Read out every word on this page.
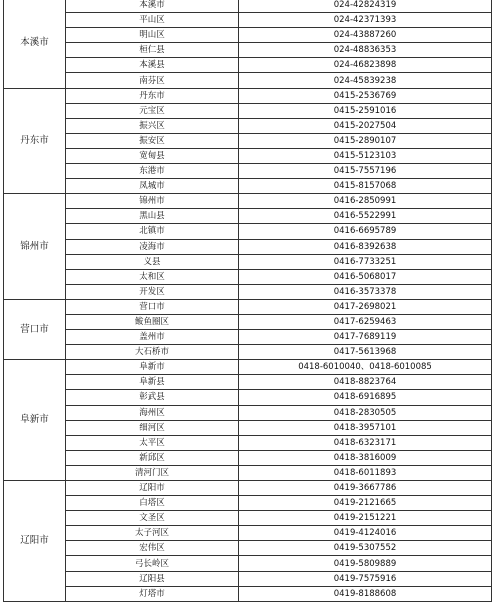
本溪市	本溪市	024-42824319
	平山区	024-42371393
	明山区	024-43887260
	桓仁县	024-48836353
	本溪县	024-46823898
	南芬区	024-45839238
丹东市	丹东市	0415-2536769
	元宝区	0415-2591016
	振兴区	0415-2027504
	振安区	0415-2890107
	宽甸县	0415-5123103
	东港市	0415-7557196
	凤城市	0415-8157068
锦州市	锦州市	0416-2850991
	黑山县	0416-5522991
	北镇市	0416-6695789
	凌海市	0416-8392638
	义县	0416-7733251
	太和区	0416-5068017
	开发区	0416-3573378
营口市	营口市	0417-2698021
	鲅鱼圈区	0417-6259463
	盖州市	0417-7689119
	大石桥市	0417-5613968
阜新市	阜新市	0418-6010040、0418-6010085
	阜新县	0418-8823764
	彰武县	0418-6916895
	海州区	0418-2830505
	细河区	0418-3957101
	太平区	0418-6323171
	新邱区	0418-3816009
	清河门区	0418-6011893
辽阳市	辽阳市	0419-3667786
	白塔区	0419-2121665
	文圣区	0419-2151221
	太子河区	0419-4124016
	宏伟区	0419-5307552
	弓长岭区	0419-5809889
	辽阳县	0419-7575916
	灯塔市	0419-8188608
